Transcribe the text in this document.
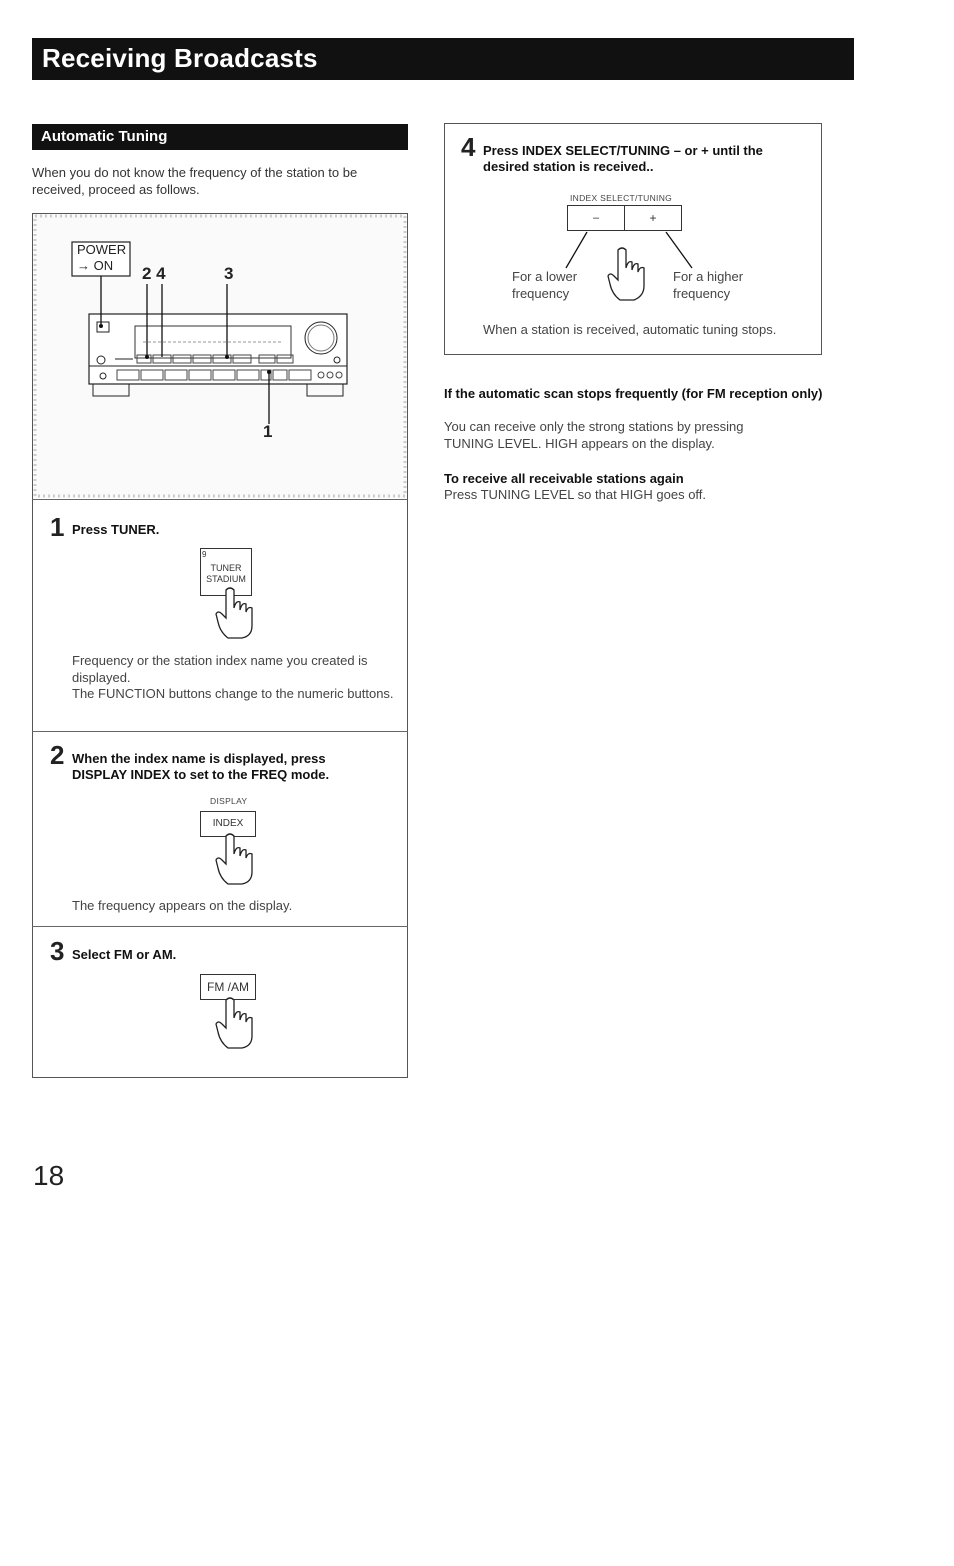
Receiving Broadcasts
Automatic Tuning
When you do not know the frequency of the station to be received, proceed as follows.
POWER
→ ON	2 4	3
1
1 Press TUNER.
9
TUNER
STADIUM
Frequency or the station index name you created is displayed.
The FUNCTION buttons change to the numeric buttons.
2 When the index name is displayed, press DISPLAY INDEX to set to the FREQ mode.
DISPLAY
INDEX
The frequency appears on the display.
3 Select FM or AM.
FM /AM
4 Press INDEX SELECT/TUNING – or + until the desired station is received..
INDEX SELECT/TUNING
–	+
For a lower
frequency
For a higher
frequency
When a station is received, automatic tuning stops.
If the automatic scan stops frequently (for FM reception only)
You can receive only the strong stations by pressing TUNING LEVEL. HIGH appears on the display.
To receive all receivable stations again
Press TUNING LEVEL so that HIGH goes off.
18
